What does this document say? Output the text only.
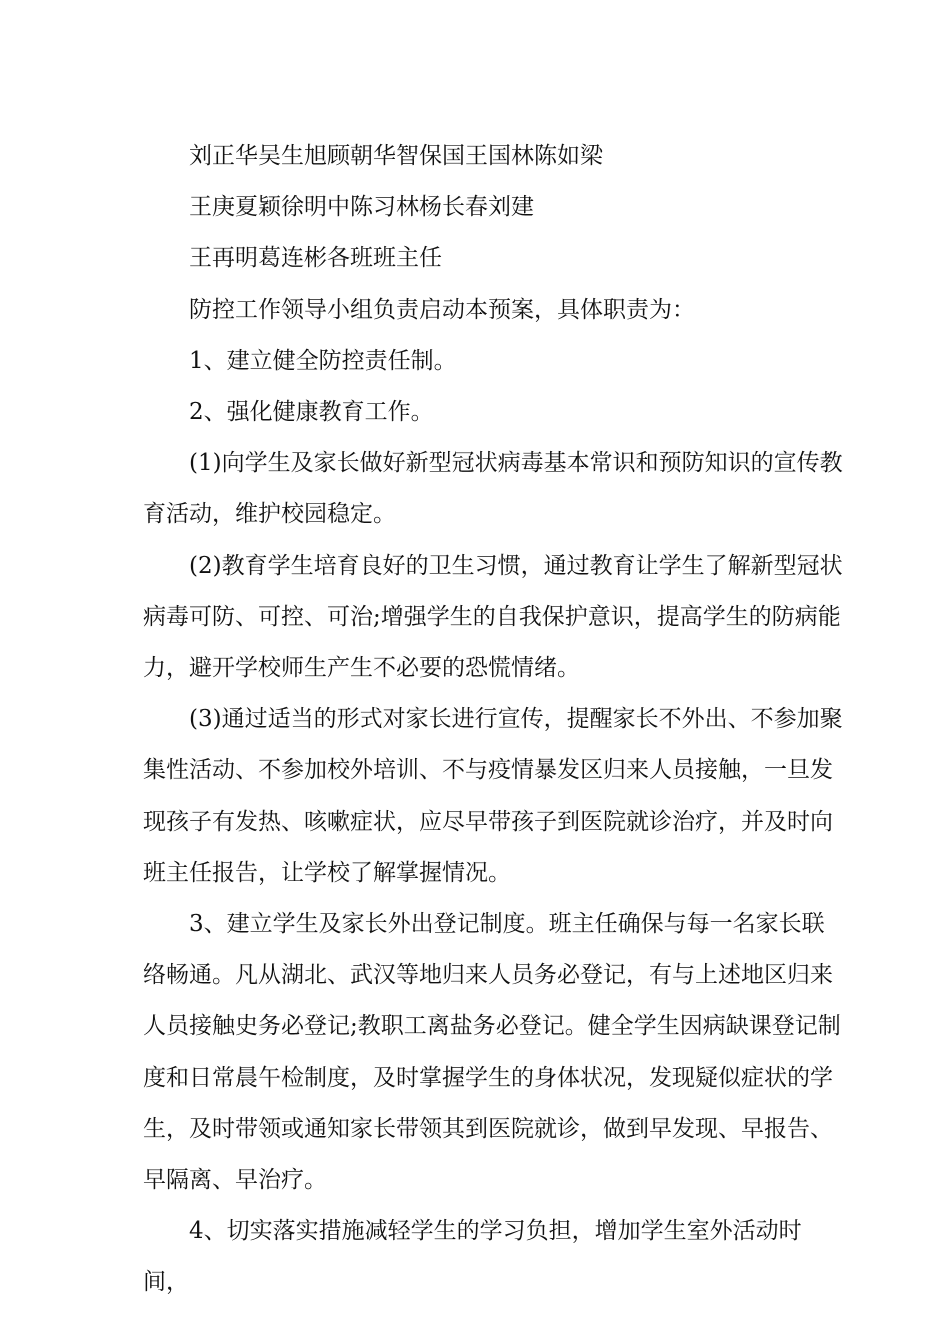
刘正华吴生旭顾朝华智保国王国林陈如梁

王庚夏颖徐明中陈习林杨长春刘建

王再明葛连彬各班班主任

防控工作领导小组负责启动本预案，具体职责为：

1、建立健全防控责任制。

2、强化健康教育工作。

(1)向学生及家长做好新型冠状病毒基本常识和预防知识的宣传教育活动，维护校园稳定。

(2)教育学生培育良好的卫生习惯，通过教育让学生了解新型冠状病毒可防、可控、可治;增强学生的自我保护意识，提高学生的防病能力，避开学校师生产生不必要的恐慌情绪。

(3)通过适当的形式对家长进行宣传，提醒家长不外出、不参加聚集性活动、不参加校外培训、不与疫情暴发区归来人员接触，一旦发现孩子有发热、咳嗽症状，应尽早带孩子到医院就诊治疗，并及时向班主任报告，让学校了解掌握情况。

3、建立学生及家长外出登记制度。班主任确保与每一名家长联络畅通。凡从湖北、武汉等地归来人员务必登记，有与上述地区归来人员接触史务必登记;教职工离盐务必登记。健全学生因病缺课登记制度和日常晨午检制度，及时掌握学生的身体状况，发现疑似症状的学生，及时带领或通知家长带领其到医院就诊，做到早发现、早报告、早隔离、早治疗。

4、切实落实措施减轻学生的学习负担，增加学生室外活动时间，
